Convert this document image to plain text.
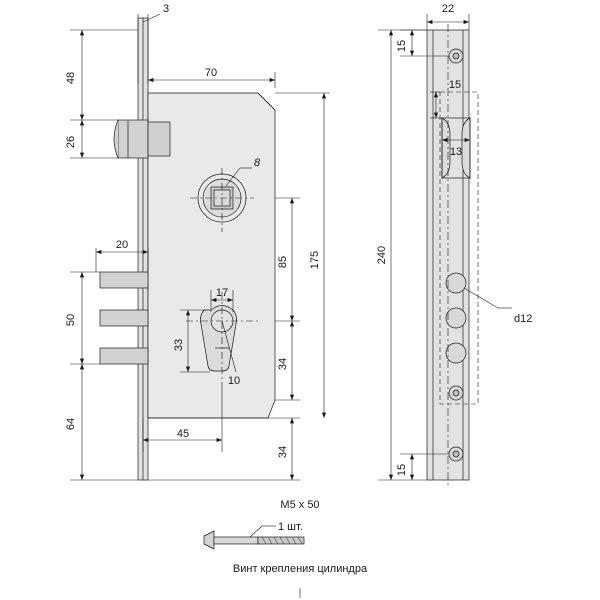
48
26
50
64
20
3
70
175
85
34
34
45
17
33
10
8
22
15
15
13
240
15
d12
M5 x 50
1 шт.
Винт крепления цилиндра
